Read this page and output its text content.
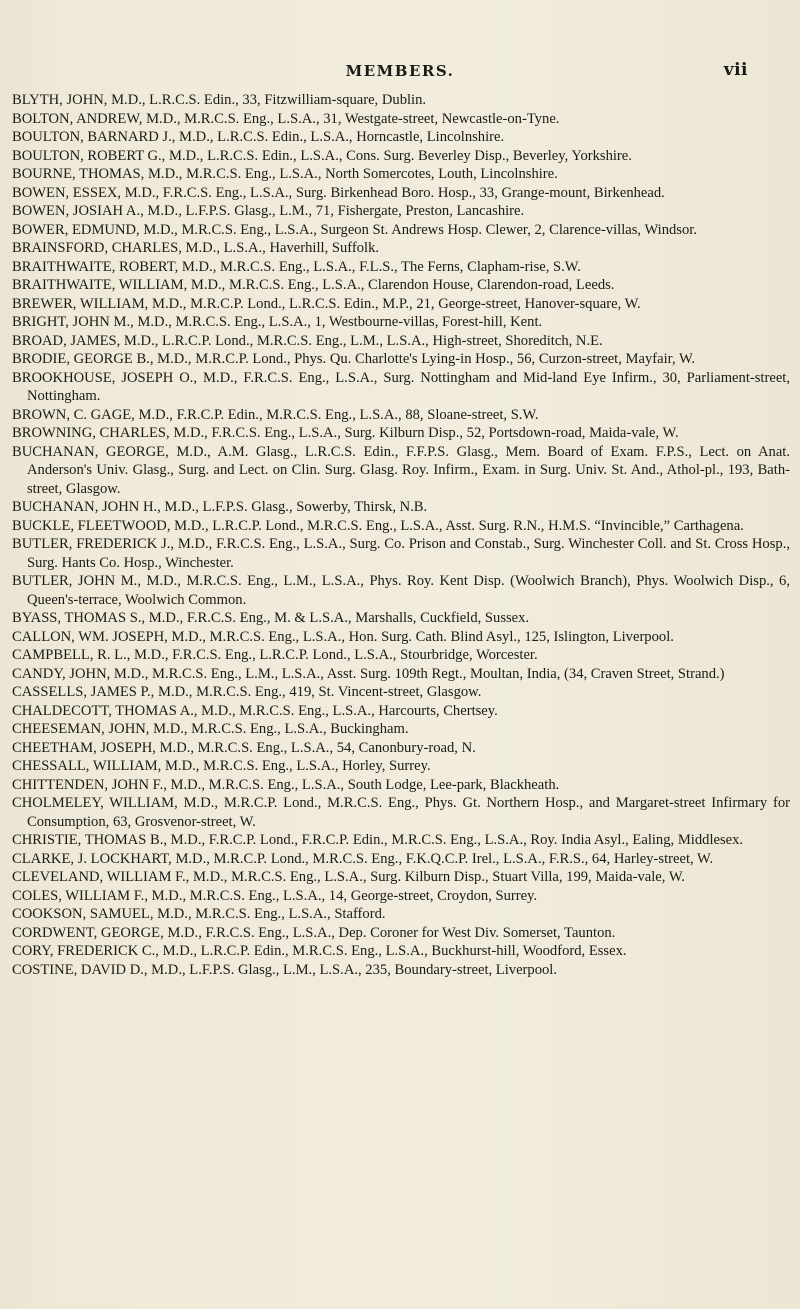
MEMBERS.	vii

BLYTH, JOHN, M.D., L.R.C.S. Edin., 33, Fitzwilliam-square, Dublin.

BOLTON, ANDREW, M.D., M.R.C.S. Eng., L.S.A., 31, Westgate-street, Newcastle-on-Tyne.

BOULTON, BARNARD J., M.D., L.R.C.S. Edin., L.S.A., Horncastle, Lincolnshire.

BOULTON, ROBERT G., M.D., L.R.C.S. Edin., L.S.A., Cons. Surg. Beverley Disp., Beverley, Yorkshire.

BOURNE, THOMAS, M.D., M.R.C.S. Eng., L.S.A., North Somercotes, Louth, Lincolnshire.

BOWEN, ESSEX, M.D., F.R.C.S. Eng., L.S.A., Surg. Birkenhead Boro. Hosp., 33, Grange-mount, Birkenhead.

BOWEN, JOSIAH A., M.D., L.F.P.S. Glasg., L.M., 71, Fishergate, Preston, Lancashire.

BOWER, EDMUND, M.D., M.R.C.S. Eng., L.S.A., Surgeon St. Andrews Hosp. Clewer, 2, Clarence-villas, Windsor.

BRAINSFORD, CHARLES, M.D., L.S.A., Haverhill, Suffolk.

BRAITHWAITE, ROBERT, M.D., M.R.C.S. Eng., L.S.A., F.L.S., The Ferns, Clapham-rise, S.W.

BRAITHWAITE, WILLIAM, M.D., M.R.C.S. Eng., L.S.A., Clarendon House, Clarendon-road, Leeds.

BREWER, WILLIAM, M.D., M.R.C.P. Lond., L.R.C.S. Edin., M.P., 21, George-street, Hanover-square, W.

BRIGHT, JOHN M., M.D., M.R.C.S. Eng., L.S.A., 1, Westbourne-villas, Forest-hill, Kent.

BROAD, JAMES, M.D., L.R.C.P. Lond., M.R.C.S. Eng., L.M., L.S.A., High-street, Shoreditch, N.E.

BRODIE, GEORGE B., M.D., M.R.C.P. Lond., Phys. Qu. Charlotte's Lying-in Hosp., 56, Curzon-street, Mayfair, W.

BROOKHOUSE, JOSEPH O., M.D., F.R.C.S. Eng., L.S.A., Surg. Nottingham and Mid-land Eye Infirm., 30, Parliament-street, Nottingham.

BROWN, C. GAGE, M.D., F.R.C.P. Edin., M.R.C.S. Eng., L.S.A., 88, Sloane-street, S.W.

BROWNING, CHARLES, M.D., F.R.C.S. Eng., L.S.A., Surg. Kilburn Disp., 52, Portsdown-road, Maida-vale, W.

BUCHANAN, GEORGE, M.D., A.M. Glasg., L.R.C.S. Edin., F.F.P.S. Glasg., Mem. Board of Exam. F.P.S., Lect. on Anat. Anderson's Univ. Glasg., Surg. and Lect. on Clin. Surg. Glasg. Roy. Infirm., Exam. in Surg. Univ. St. And., Athol-pl., 193, Bath-street, Glasgow.

BUCHANAN, JOHN H., M.D., L.F.P.S. Glasg., Sowerby, Thirsk, N.B.

BUCKLE, FLEETWOOD, M.D., L.R.C.P. Lond., M.R.C.S. Eng., L.S.A., Asst. Surg. R.N., H.M.S. “Invincible,” Carthagena.

BUTLER, FREDERICK J., M.D., F.R.C.S. Eng., L.S.A., Surg. Co. Prison and Constab., Surg. Winchester Coll. and St. Cross Hosp., Surg. Hants Co. Hosp., Winchester.

BUTLER, JOHN M., M.D., M.R.C.S. Eng., L.M., L.S.A., Phys. Roy. Kent Disp. (Woolwich Branch), Phys. Woolwich Disp., 6, Queen's-terrace, Woolwich Common.

BYASS, THOMAS S., M.D., F.R.C.S. Eng., M. & L.S.A., Marshalls, Cuckfield, Sussex.

CALLON, WM. JOSEPH, M.D., M.R.C.S. Eng., L.S.A., Hon. Surg. Cath. Blind Asyl., 125, Islington, Liverpool.

CAMPBELL, R. L., M.D., F.R.C.S. Eng., L.R.C.P. Lond., L.S.A., Stourbridge, Worcester.

CANDY, JOHN, M.D., M.R.C.S. Eng., L.M., L.S.A., Asst. Surg. 109th Regt., Moultan, India, (34, Craven Street, Strand.)

CASSELLS, JAMES P., M.D., M.R.C.S. Eng., 419, St. Vincent-street, Glasgow.

CHALDECOTT, THOMAS A., M.D., M.R.C.S. Eng., L.S.A., Harcourts, Chertsey.

CHEESEMAN, JOHN, M.D., M.R.C.S. Eng., L.S.A., Buckingham.

CHEETHAM, JOSEPH, M.D., M.R.C.S. Eng., L.S.A., 54, Canonbury-road, N.

CHESSALL, WILLIAM, M.D., M.R.C.S. Eng., L.S.A., Horley, Surrey.

CHITTENDEN, JOHN F., M.D., M.R.C.S. Eng., L.S.A., South Lodge, Lee-park, Blackheath.

CHOLMELEY, WILLIAM, M.D., M.R.C.P. Lond., M.R.C.S. Eng., Phys. Gt. Northern Hosp., and Margaret-street Infirmary for Consumption, 63, Grosvenor-street, W.

CHRISTIE, THOMAS B., M.D., F.R.C.P. Lond., F.R.C.P. Edin., M.R.C.S. Eng., L.S.A., Roy. India Asyl., Ealing, Middlesex.

CLARKE, J. LOCKHART, M.D., M.R.C.P. Lond., M.R.C.S. Eng., F.K.Q.C.P. Irel., L.S.A., F.R.S., 64, Harley-street, W.

CLEVELAND, WILLIAM F., M.D., M.R.C.S. Eng., L.S.A., Surg. Kilburn Disp., Stuart Villa, 199, Maida-vale, W.

COLES, WILLIAM F., M.D., M.R.C.S. Eng., L.S.A., 14, George-street, Croydon, Surrey.

COOKSON, SAMUEL, M.D., M.R.C.S. Eng., L.S.A., Stafford.

CORDWENT, GEORGE, M.D., F.R.C.S. Eng., L.S.A., Dep. Coroner for West Div. Somerset, Taunton.

CORY, FREDERICK C., M.D., L.R.C.P. Edin., M.R.C.S. Eng., L.S.A., Buckhurst-hill, Woodford, Essex.

COSTINE, DAVID D., M.D., L.F.P.S. Glasg., L.M., L.S.A., 235, Boundary-street, Liverpool.
